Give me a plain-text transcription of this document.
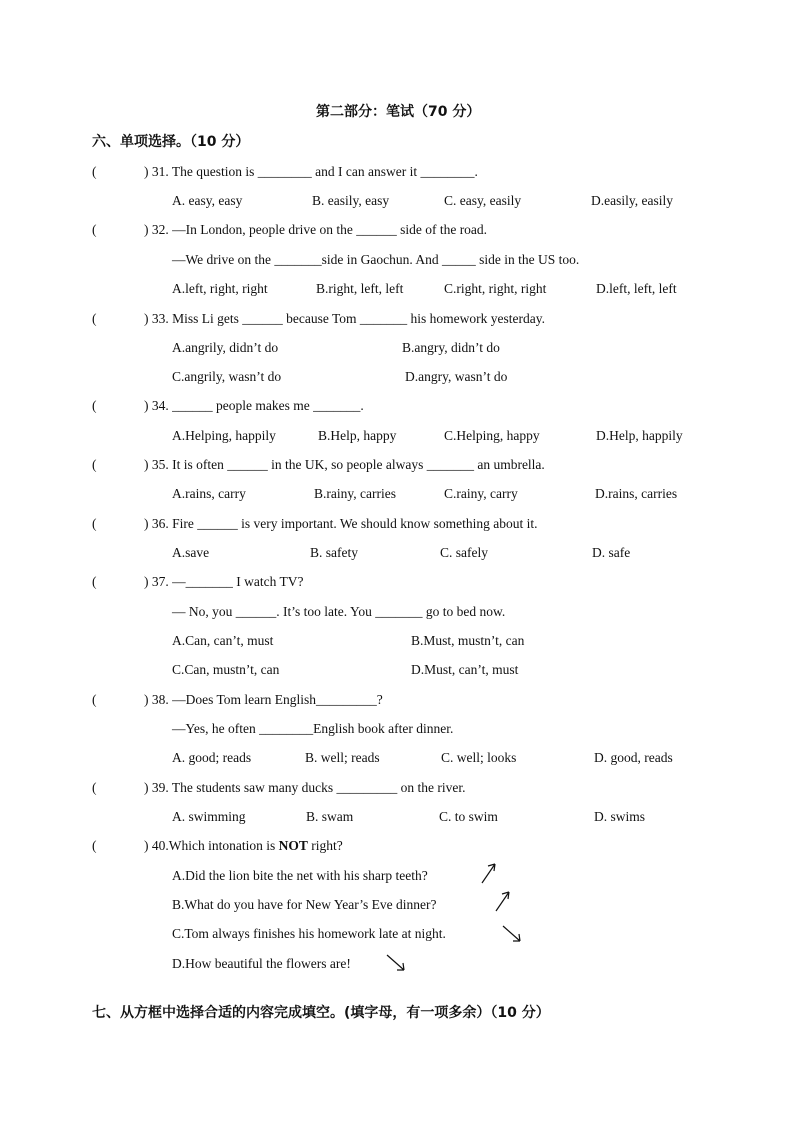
第二部分：笔试（70 分）
六、单项选择。（10 分）
(	) 31. The question is ________ and I can answer it ________.
A. easy, easy	B. easily, easy	C. easy, easily	D.easily, easily
(	) 32. —In London, people drive on the ______ side of the road.
—We drive on the _______side in Gaochun. And _____ side in the US too.
A.left, right, right	B.right, left, left	C.right, right, right	D.left, left, left
(	) 33. Miss Li gets ______ because Tom _______ his homework yesterday.
A.angrily, didn’t do	B.angry, didn’t do
C.angrily, wasn’t do	D.angry, wasn’t do
(	) 34. ______ people makes me _______.
A.Helping, happily	B.Help, happy	C.Helping, happy	D.Help, happily
(	) 35. It is often ______ in the UK, so people always _______ an umbrella.
A.rains, carry	B.rainy, carries	C.rainy, carry	D.rains, carries
(	) 36. Fire ______ is very important. We should know something about it.
A.save	B. safety	C. safely	D. safe
(	) 37. —_______ I watch TV?
— No, you ______. It’s too late. You _______ go to bed now.
A.Can, can’t, must	B.Must, mustn’t, can
C.Can, mustn’t, can	D.Must, can’t, must
(	) 38. —Does Tom learn English_________?
—Yes, he often ________English book after dinner.
A. good; reads	B. well; reads	C. well; looks	D. good, reads
(	) 39. The students saw many ducks _________ on the river.
A. swimming	B. swam	C. to swim	D. swims
(	) 40.Which intonation is NOT right?
A.Did the lion bite the net with his sharp teeth?
B.What do you have for New Year’s Eve dinner?
C.Tom always finishes his homework late at night.
D.How beautiful the flowers are!
七、从方框中选择合适的内容完成填空。(填字母，有一项多余）（10 分）
